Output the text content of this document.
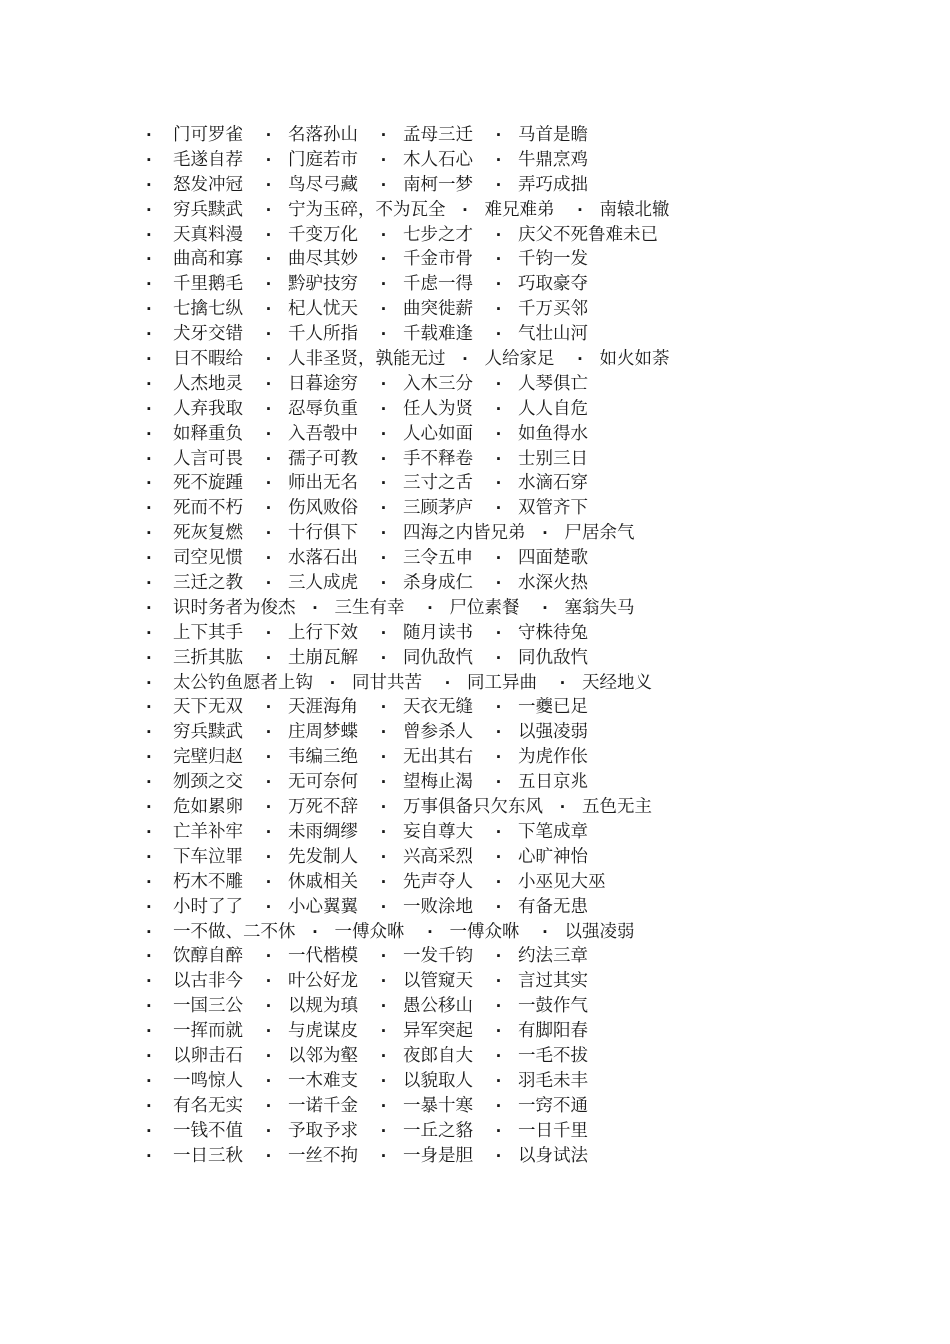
· 门可罗雀 · 名落孙山 · 孟母三迁 · 马首是瞻
· 毛遂自荐 · 门庭若市 · 木人石心 · 牛鼎烹鸡
· 怒发冲冠 · 鸟尽弓藏 · 南柯一梦 · 弄巧成拙
· 穷兵黩武 · 宁为玉碎，不为瓦全 · 难兄难弟 · 南辕北辙
· 天真料漫 · 千变万化 · 七步之才 · 庆父不死鲁难未已
· 曲高和寡 · 曲尽其妙 · 千金市骨 · 千钧一发
· 千里鹅毛 · 黔驴技穷 · 千虑一得 · 巧取豪夺
· 七擒七纵 · 杞人忧天 · 曲突徙薪 · 千万买邻
· 犬牙交错 · 千人所指 · 千载难逢 · 气壮山河
· 日不暇给 · 人非圣贤，孰能无过 · 人给家足 · 如火如荼
· 人杰地灵 · 日暮途穷 · 入木三分 · 人琴俱亡
· 人弃我取 · 忍辱负重 · 任人为贤 · 人人自危
· 如释重负 · 入吾彀中 · 人心如面 · 如鱼得水
· 人言可畏 · 孺子可教 · 手不释卷 · 士别三日
· 死不旋踵 · 师出无名 · 三寸之舌 · 水滴石穿
· 死而不朽 · 伤风败俗 · 三顾茅庐 · 双管齐下
· 死灰复燃 · 十行俱下 · 四海之内皆兄弟 · 尸居余气
· 司空见惯 · 水落石出 · 三令五申 · 四面楚歌
· 三迁之教 · 三人成虎 · 杀身成仁 · 水深火热
· 识时务者为俊杰 · 三生有幸 · 尸位素餐 · 塞翁失马
· 上下其手 · 上行下效 · 随月读书 · 守株待兔
· 三折其肱 · 土崩瓦解 · 同仇敌忾 · 同仇敌忾
· 太公钓鱼愿者上钩 · 同甘共苦 · 同工异曲 · 天经地义
· 天下无双 · 天涯海角 · 天衣无缝 · 一夔已足
· 穷兵黩武 · 庄周梦蝶 · 曾参杀人 · 以强凌弱
· 完壁归赵 · 韦编三绝 · 无出其右 · 为虎作伥
· 刎颈之交 · 无可奈何 · 望梅止渴 · 五日京兆
· 危如累卵 · 万死不辞 · 万事俱备只欠东风 · 五色无主
· 亡羊补牢 · 未雨绸缪 · 妄自尊大 · 下笔成章
· 下车泣罪 · 先发制人 · 兴高采烈 · 心旷神怡
· 朽木不雕 · 休戚相关 · 先声夺人 · 小巫见大巫
· 小时了了 · 小心翼翼 · 一败涂地 · 有备无患
· 一不做、二不休 · 一傅众咻 · 一傅众咻 · 以强凌弱
· 饮醇自醉 · 一代楷模 · 一发千钧 · 约法三章
· 以古非今 · 叶公好龙 · 以管窥天 · 言过其实
· 一国三公 · 以规为瑱 · 愚公移山 · 一鼓作气
· 一挥而就 · 与虎谋皮 · 异军突起 · 有脚阳春
· 以卵击石 · 以邻为壑 · 夜郎自大 · 一毛不拔
· 一鸣惊人 · 一木难支 · 以貌取人 · 羽毛未丰
· 有名无实 · 一诺千金 · 一暴十寒 · 一窍不通
· 一钱不值 · 予取予求 · 一丘之貉 · 一日千里
· 一日三秋 · 一丝不拘 · 一身是胆 · 以身试法
